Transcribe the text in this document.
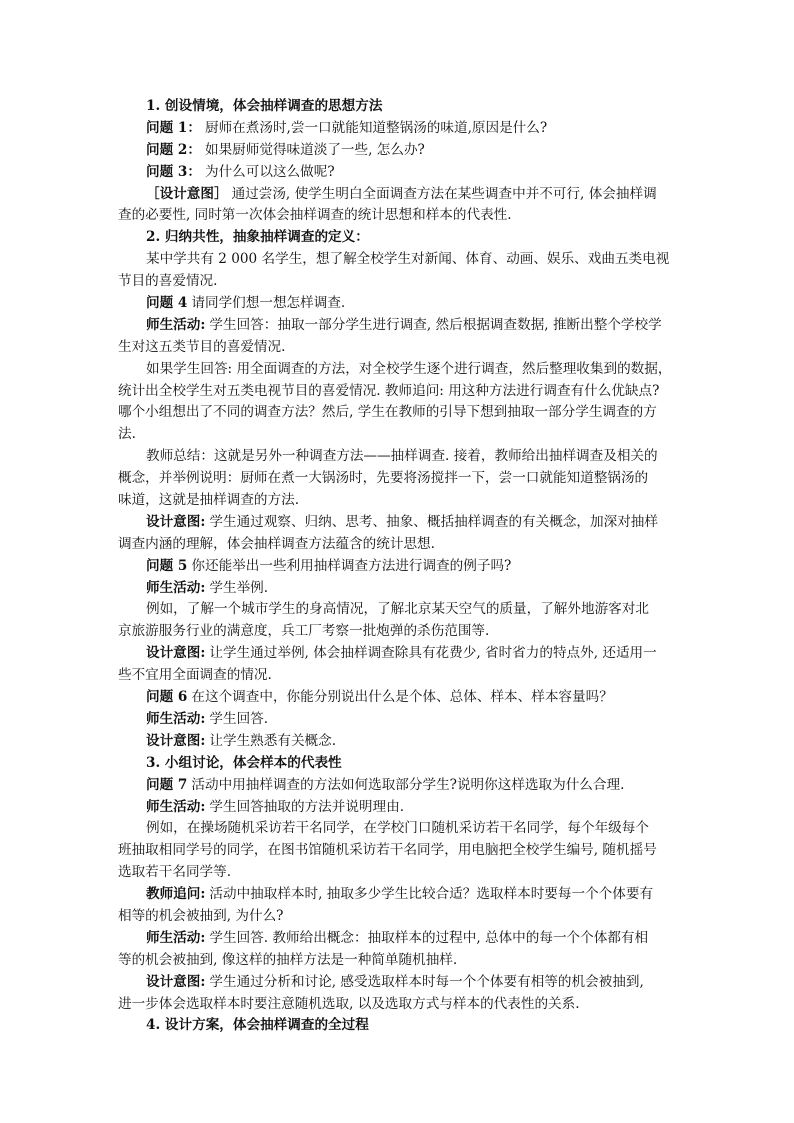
1. 创设情境，体会抽样调查的思想方法
问题 1： 厨师在煮汤时,尝一口就能知道整锅汤的味道,原因是什么?
问题 2： 如果厨师觉得味道淡了一些, 怎么办?
问题 3： 为什么可以这么做呢?
［设计意图］ 通过尝汤, 使学生明白全面调查方法在某些调查中并不可行, 体会抽样调
查的必要性, 同时第一次体会抽样调查的统计思想和样本的代表性.
2. 归纳共性，抽象抽样调查的定义：
某中学共有 2 000 名学生，想了解全校学生对新闻、体育、动画、娱乐、戏曲五类电视
节目的喜爱情况.
问题 4 请同学们想一想怎样调查.
师生活动: 学生回答：抽取一部分学生进行调查, 然后根据调查数据, 推断出整个学校学
生对这五类节目的喜爱情况.
如果学生回答: 用全面调查的方法，对全校学生逐个进行调查，然后整理收集到的数据，
统计出全校学生对五类电视节目的喜爱情况. 教师追问: 用这种方法进行调查有什么优缺点?
哪个小组想出了不同的调查方法？然后, 学生在教师的引导下想到抽取一部分学生调查的方
法.
教师总结：这就是另外一种调查方法——抽样调查. 接着，教师给出抽样调查及相关的
概念，并举例说明：厨师在煮一大锅汤时，先要将汤搅拌一下，尝一口就能知道整锅汤的
味道，这就是抽样调查的方法.
设计意图: 学生通过观察、归纳、思考、抽象、概括抽样调查的有关概念，加深对抽样
调查内涵的理解，体会抽样调查方法蕴含的统计思想.
问题 5 你还能举出一些利用抽样调查方法进行调查的例子吗?
师生活动: 学生举例.
例如，了解一个城市学生的身高情况，了解北京某天空气的质量，了解外地游客对北
京旅游服务行业的满意度，兵工厂考察一批炮弹的杀伤范围等.
设计意图: 让学生通过举例, 体会抽样调查除具有花费少, 省时省力的特点外, 还适用一
些不宜用全面调查的情况.
问题 6 在这个调查中，你能分别说出什么是个体、总体、样本、样本容量吗？
师生活动: 学生回答.
设计意图: 让学生熟悉有关概念.
3. 小组讨论，体会样本的代表性
问题 7 活动中用抽样调查的方法如何选取部分学生?说明你这样选取为什么合理.
师生活动: 学生回答抽取的方法并说明理由.
例如，在操场随机采访若干名同学，在学校门口随机采访若干名同学，每个年级每个
班抽取相同学号的同学，在图书馆随机采访若干名同学，用电脑把全校学生编号, 随机摇号
选取若干名同学等.
教师追问: 活动中抽取样本时, 抽取多少学生比较合适？选取样本时要每一个个体要有
相等的机会被抽到, 为什么?
师生活动: 学生回答. 教师给出概念：抽取样本的过程中, 总体中的每一个个体都有相
等的机会被抽到, 像这样的抽样方法是一种简单随机抽样.
设计意图: 学生通过分析和讨论, 感受选取样本时每一个个体要有相等的机会被抽到,
进一步体会选取样本时要注意随机选取, 以及选取方式与样本的代表性的关系.
4. 设计方案，体会抽样调查的全过程
